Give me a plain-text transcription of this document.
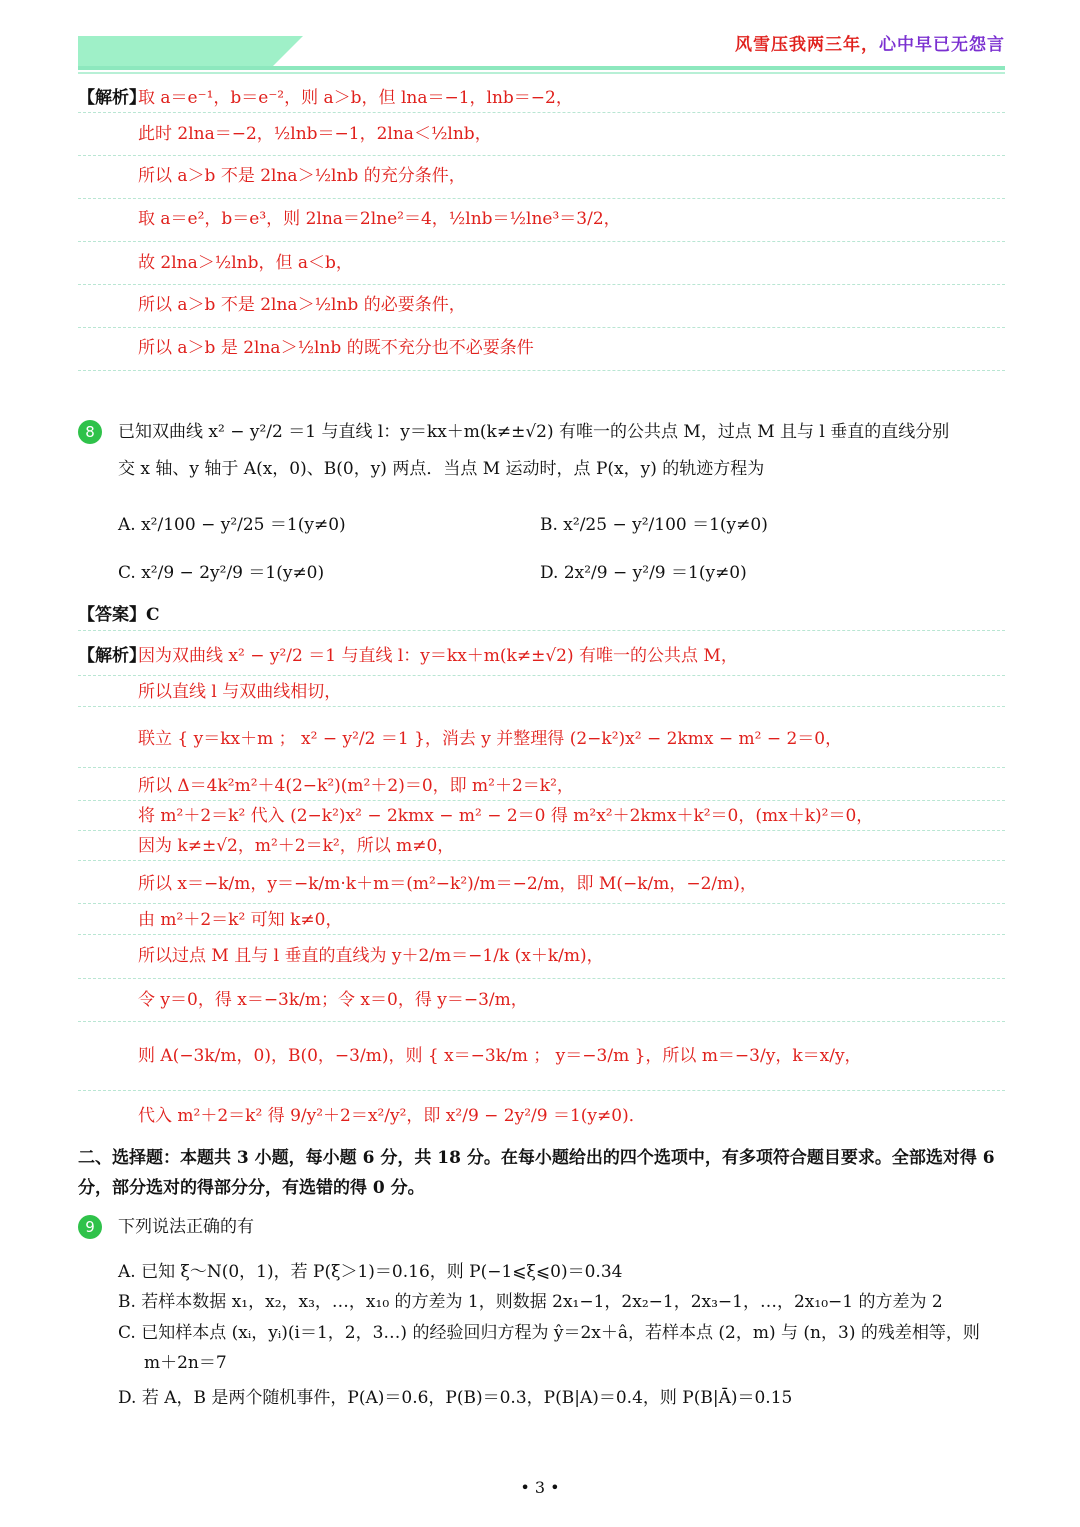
风雪压我两三年，心中早已无怨言
【解析】
取 a＝e⁻¹，b＝e⁻²，则 a＞b，但 lna＝−1，lnb＝−2，
此时 2lna＝−2，½lnb＝−1，2lna＜½lnb，
所以 a＞b 不是 2lna＞½lnb 的充分条件，
取 a＝e²，b＝e³，则 2lna＝2lne²＝4，½lnb＝½lne³＝3/2，
故 2lna＞½lnb，但 a＜b，
所以 a＞b 不是 2lna＞½lnb 的必要条件，
所以 a＞b 是 2lna＞½lnb 的既不充分也不必要条件
8	已知双曲线 x² − y²/2 ＝1 与直线 l：y＝kx＋m(k≠±√2) 有唯一的公共点 M，过点 M 且与 l 垂直的直线分别
交 x 轴、y 轴于 A(x，0)、B(0，y) 两点．当点 M 运动时，点 P(x，y) 的轨迹方程为
A. x²/100 − y²/25 ＝1(y≠0)	B. x²/25 − y²/100 ＝1(y≠0)
C. x²/9 − 2y²/9 ＝1(y≠0)	D. 2x²/9 − y²/9 ＝1(y≠0)
【答案】C
【解析】
因为双曲线 x² − y²/2 ＝1 与直线 l：y＝kx＋m(k≠±√2) 有唯一的公共点 M，
所以直线 l 与双曲线相切，
联立 { y＝kx＋m ； x² − y²/2 ＝1 }，消去 y 并整理得 (2−k²)x² − 2kmx − m² − 2＝0，
所以 Δ＝4k²m²＋4(2−k²)(m²＋2)＝0，即 m²＋2＝k²，
将 m²＋2＝k² 代入 (2−k²)x² − 2kmx − m² − 2＝0 得 m²x²＋2kmx＋k²＝0，(mx＋k)²＝0，
因为 k≠±√2，m²＋2＝k²，所以 m≠0，
所以 x＝−k/m，y＝−k/m·k＋m＝(m²−k²)/m＝−2/m，即 M(−k/m，−2/m)，
由 m²＋2＝k² 可知 k≠0，
所以过点 M 且与 l 垂直的直线为 y＋2/m＝−1/k (x＋k/m)，
令 y＝0，得 x＝−3k/m；令 x＝0，得 y＝−3/m，
则 A(−3k/m，0)，B(0，−3/m)，则 { x＝−3k/m ； y＝−3/m }，所以 m＝−3/y，k＝x/y，
代入 m²＋2＝k² 得 9/y²＋2＝x²/y²，即 x²/9 − 2y²/9 ＝1(y≠0)．
二、选择题：本题共 3 小题，每小题 6 分，共 18 分。在每小题给出的四个选项中，有多项符合题目要求。全部选对得 6 分，部分选对的得部分分，有选错的得 0 分。
9	下列说法正确的有
A. 已知 ξ～N(0，1)，若 P(ξ＞1)＝0.16，则 P(−1⩽ξ⩽0)＝0.34
B. 若样本数据 x₁，x₂，x₃，…，x₁₀ 的方差为 1，则数据 2x₁−1，2x₂−1，2x₃−1，…，2x₁₀−1 的方差为 2
C. 已知样本点 (xᵢ，yᵢ)(i＝1，2，3…) 的经验回归方程为 ŷ＝2x＋â，若样本点 (2，m) 与 (n，3) 的残差相等，则
m＋2n＝7
D. 若 A，B 是两个随机事件，P(A)＝0.6，P(B)＝0.3，P(B|A)＝0.4，则 P(B|Ā)＝0.15
• 3 •
